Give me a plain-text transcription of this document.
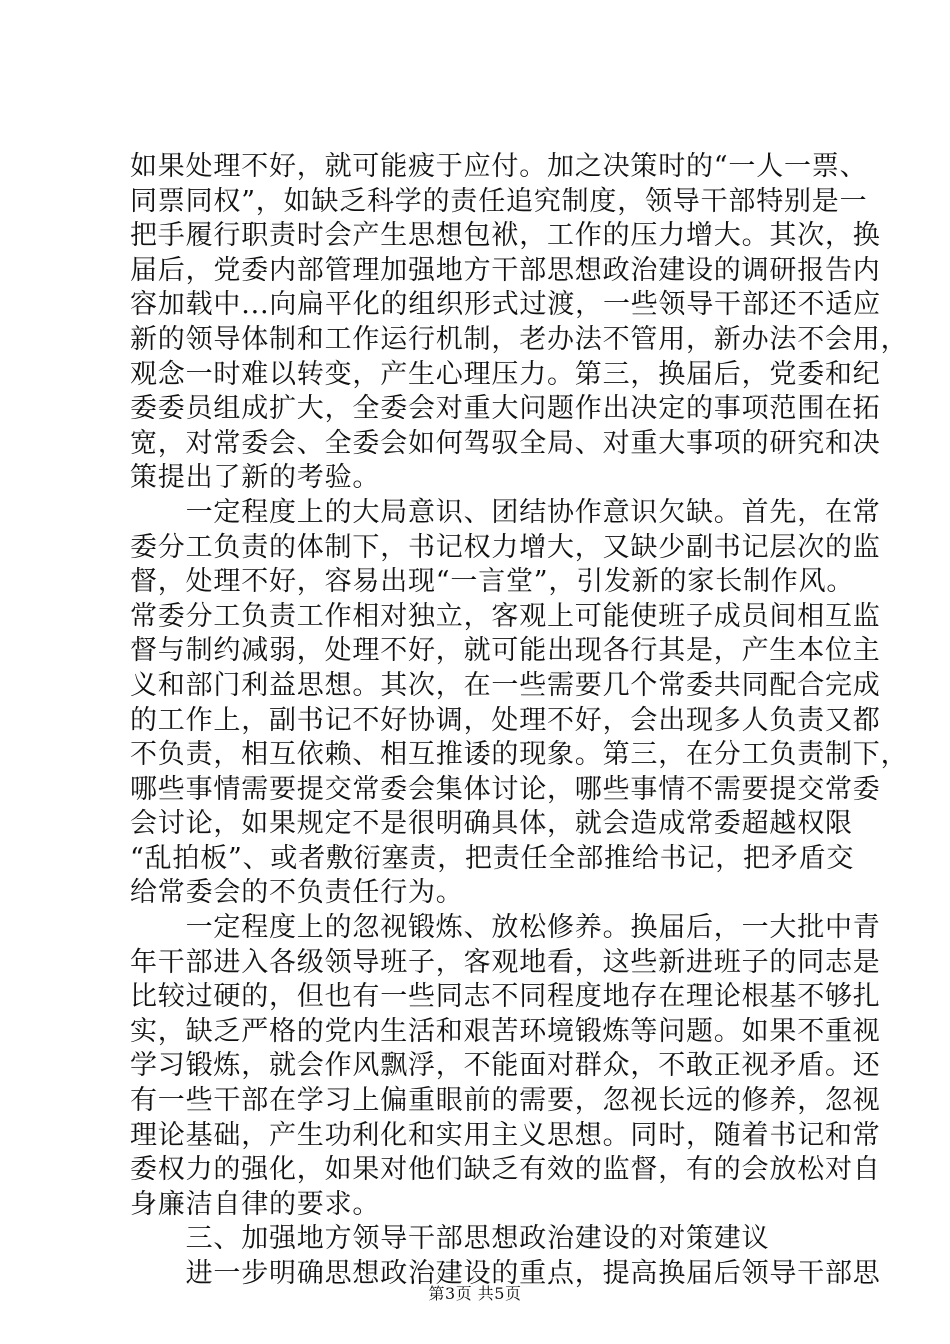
如果处理不好，就可能疲于应付。加之决策时的“一人一票、
同票同权”，如缺乏科学的责任追究制度，领导干部特别是一
把手履行职责时会产生思想包袱，工作的压力增大。其次，换
届后，党委内部管理加强地方干部思想政治建设的调研报告内
容加载中...向扁平化的组织形式过渡，一些领导干部还不适应
新的领导体制和工作运行机制，老办法不管用，新办法不会用，
观念一时难以转变，产生心理压力。第三，换届后，党委和纪
委委员组成扩大，全委会对重大问题作出决定的事项范围在拓
宽，对常委会、全委会如何驾驭全局、对重大事项的研究和决
策提出了新的考验。
　　一定程度上的大局意识、团结协作意识欠缺。首先，在常
委分工负责的体制下，书记权力增大，又缺少副书记层次的监
督，处理不好，容易出现“一言堂”，引发新的家长制作风。
常委分工负责工作相对独立，客观上可能使班子成员间相互监
督与制约减弱，处理不好，就可能出现各行其是，产生本位主
义和部门利益思想。其次，在一些需要几个常委共同配合完成
的工作上，副书记不好协调，处理不好，会出现多人负责又都
不负责，相互依赖、相互推诿的现象。第三，在分工负责制下，
哪些事情需要提交常委会集体讨论，哪些事情不需要提交常委
会讨论，如果规定不是很明确具体，就会造成常委超越权限
“乱拍板”、或者敷衍塞责，把责任全部推给书记，把矛盾交
给常委会的不负责任行为。
　　一定程度上的忽视锻炼、放松修养。换届后，一大批中青
年干部进入各级领导班子，客观地看，这些新进班子的同志是
比较过硬的，但也有一些同志不同程度地存在理论根基不够扎
实，缺乏严格的党内生活和艰苦环境锻炼等问题。如果不重视
学习锻炼，就会作风飘浮，不能面对群众，不敢正视矛盾。还
有一些干部在学习上偏重眼前的需要，忽视长远的修养，忽视
理论基础，产生功利化和实用主义思想。同时，随着书记和常
委权力的强化，如果对他们缺乏有效的监督，有的会放松对自
身廉洁自律的要求。
　　三、加强地方领导干部思想政治建设的对策建议
　　进一步明确思想政治建设的重点，提高换届后领导干部思
第3页 共5页
